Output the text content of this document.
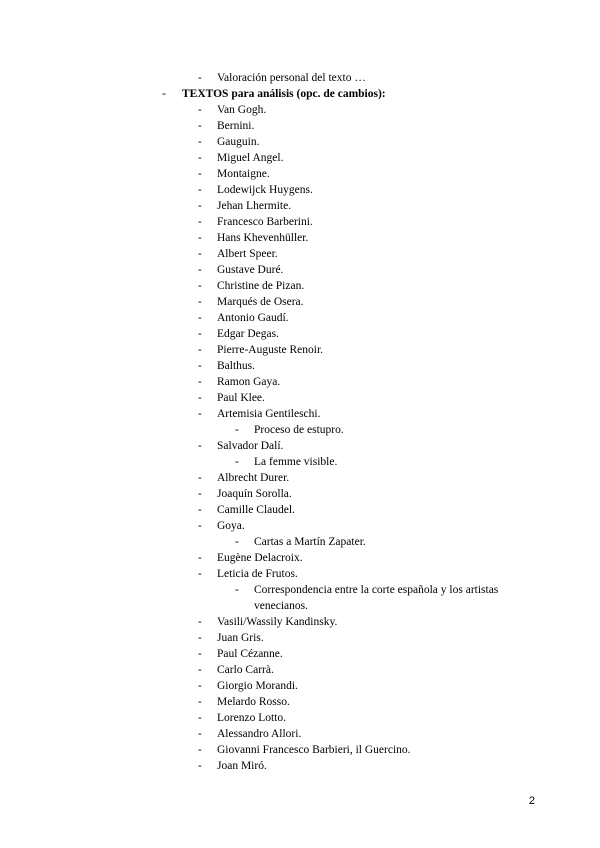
-	Valoración personal del texto …
-	TEXTOS para análisis (opc. de cambios):
-	Van Gogh.
-	Bernini.
-	Gauguin.
-	Miguel Angel.
-	Montaigne.
-	Lodewijck Huygens.
-	Jehan Lhermite.
-	Francesco Barberini.
-	Hans Khevenhüller.
-	Albert Speer.
-	Gustave Duré.
-	Christine de Pizan.
-	Marqués de Osera.
-	Antonio Gaudí.
-	Edgar Degas.
-	Pierre-Auguste Renoir.
-	Balthus.
-	Ramon Gaya.
-	Paul Klee.
-	Artemisia Gentileschi.
-	Proceso de estupro.
-	Salvador Dalí.
-	La femme visible.
-	Albrecht Durer.
-	Joaquín Sorolla.
-	Camille Claudel.
-	Goya.
-	Cartas a Martín Zapater.
-	Eugène Delacroix.
-	Leticia de Frutos.
-	Correspondencia entre la corte española y los artistas venecianos.
-	Vasili/Wassily Kandinsky.
-	Juan Gris.
-	Paul Cézanne.
-	Carlo Carrà.
-	Giorgio Morandi.
-	Melardo Rosso.
-	Lorenzo Lotto.
-	Alessandro Allori.
-	Giovanni Francesco Barbieri, il Guercino.
-	Joan Miró.
2
